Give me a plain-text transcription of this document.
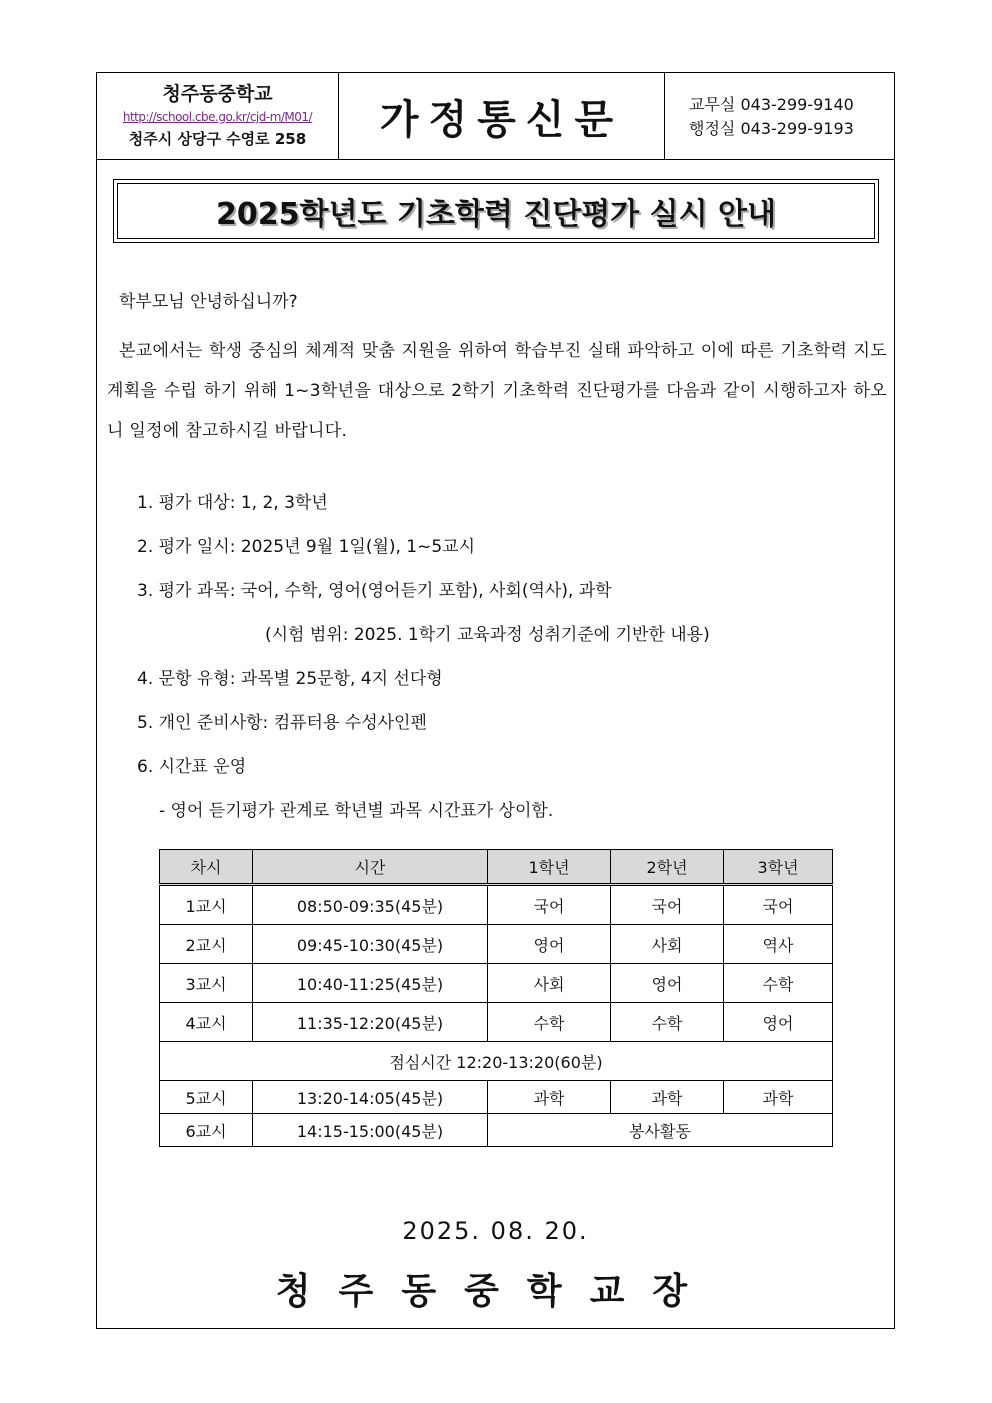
청주동중학교
http://school.cbe.go.kr/cjd-m/M01/
청주시 상당구 수영로 258	가정통신문	교무실 043-299-9140
행정실 043-299-9193
2025학년도 기초학력 진단평가 실시 안내
학부모님 안녕하십니까?
본교에서는 학생 중심의 체계적 맞춤 지원을 위하여 학습부진 실태 파악하고 이에 따른 기초학력 지도계획을 수립 하기 위해 1~3학년을 대상으로 2학기 기초학력 진단평가를 다음과 같이 시행하고자 하오니 일정에 참고하시길 바랍니다.
1. 평가 대상: 1, 2, 3학년
2. 평가 일시: 2025년 9월 1일(월), 1~5교시
3. 평가 과목: 국어, 수학, 영어(영어듣기 포함), 사회(역사), 과학
(시험 범위: 2025. 1학기 교육과정 성취기준에 기반한 내용)
4. 문항 유형: 과목별 25문항, 4지 선다형
5. 개인 준비사항: 컴퓨터용 수성사인펜
6. 시간표 운영
- 영어 듣기평가 관계로 학년별 과목 시간표가 상이함.
차시	시간	1학년	2학년	3학년
1교시	08:50-09:35(45분)	국어	국어	국어
2교시	09:45-10:30(45분)	영어	사회	역사
3교시	10:40-11:25(45분)	사회	영어	수학
4교시	11:35-12:20(45분)	수학	수학	영어
점심시간 12:20-13:20(60분)				
5교시	13:20-14:05(45분)	과학	과학	과학
6교시	14:15-15:00(45분)	봉사활동		
2025. 08. 20.
청주동중학교장
